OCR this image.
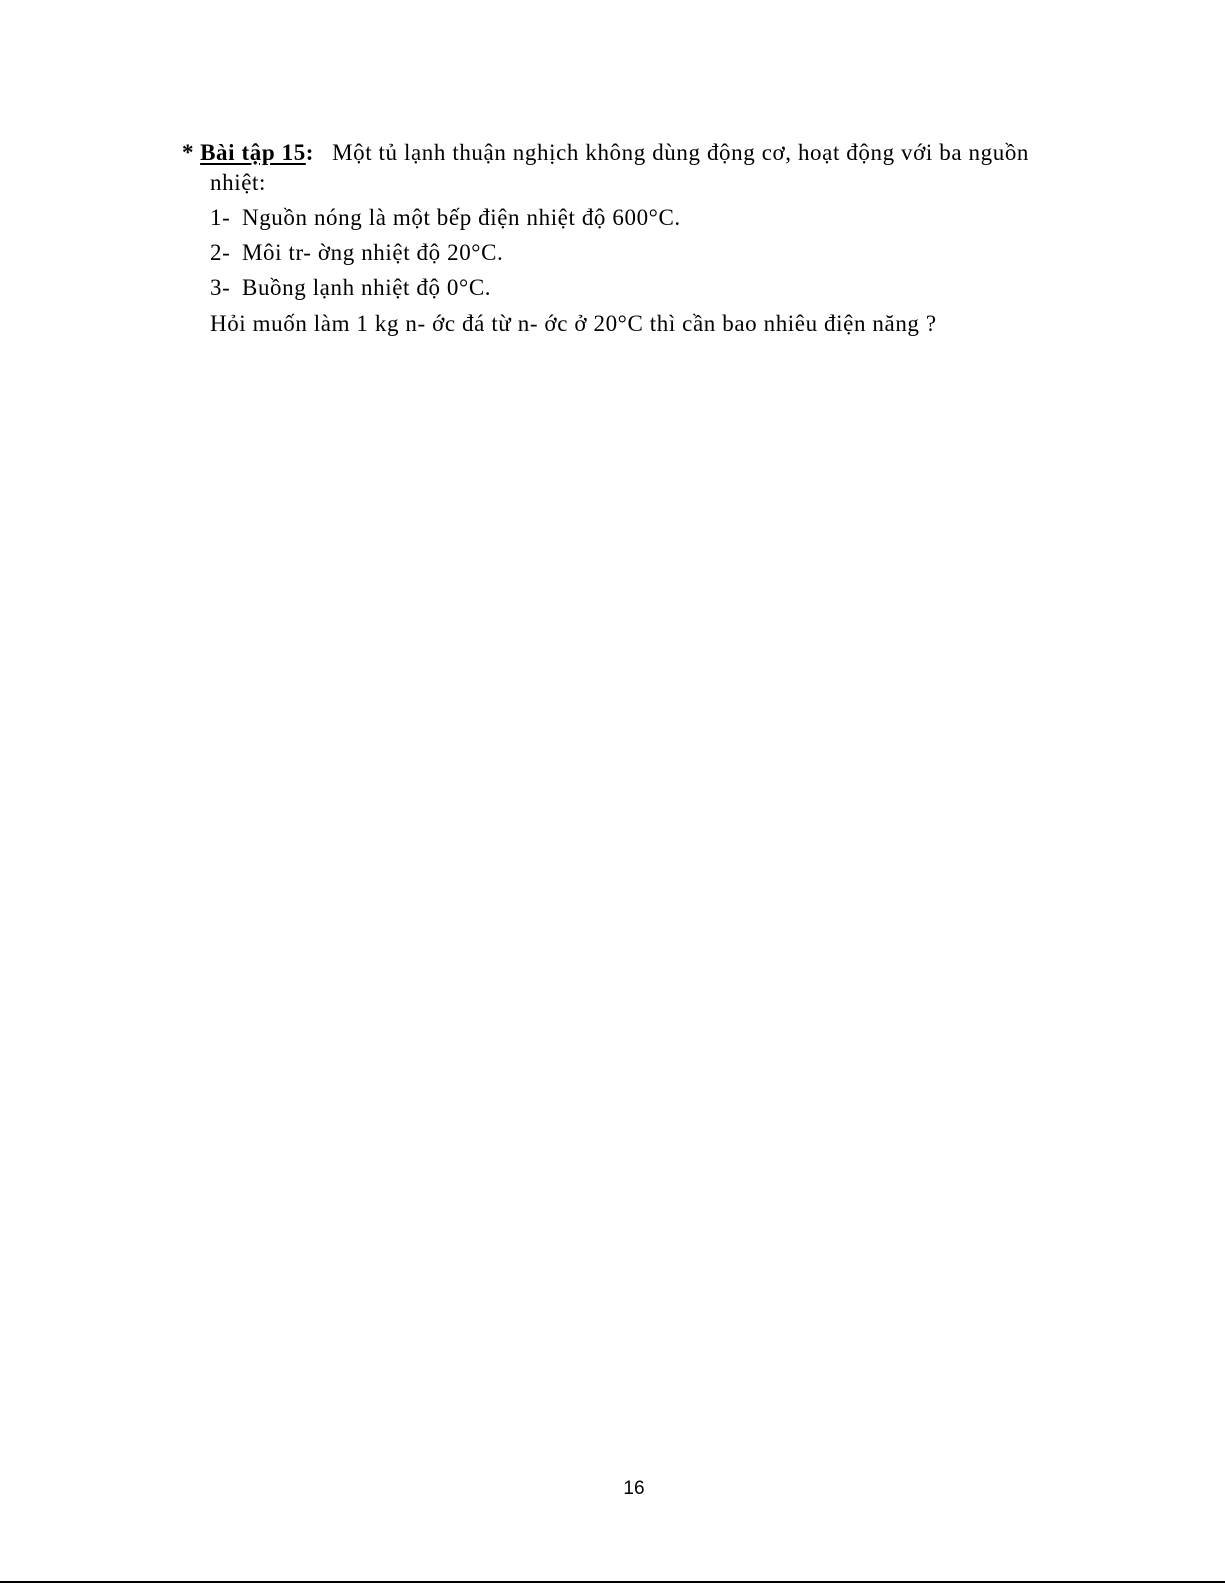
* Bài tập 15: Một tủ lạnh thuận nghịch không dùng động cơ, hoạt động với ba nguồn
nhiệt:
1- Nguồn nóng là một bếp điện nhiệt độ 600°C.
2- Môi tr- ờng nhiệt độ 20°C.
3- Buồng lạnh nhiệt độ 0°C.
Hỏi muốn làm 1 kg n- ớc đá từ n- ớc ở 20°C thì cần bao nhiêu điện năng ?
16
